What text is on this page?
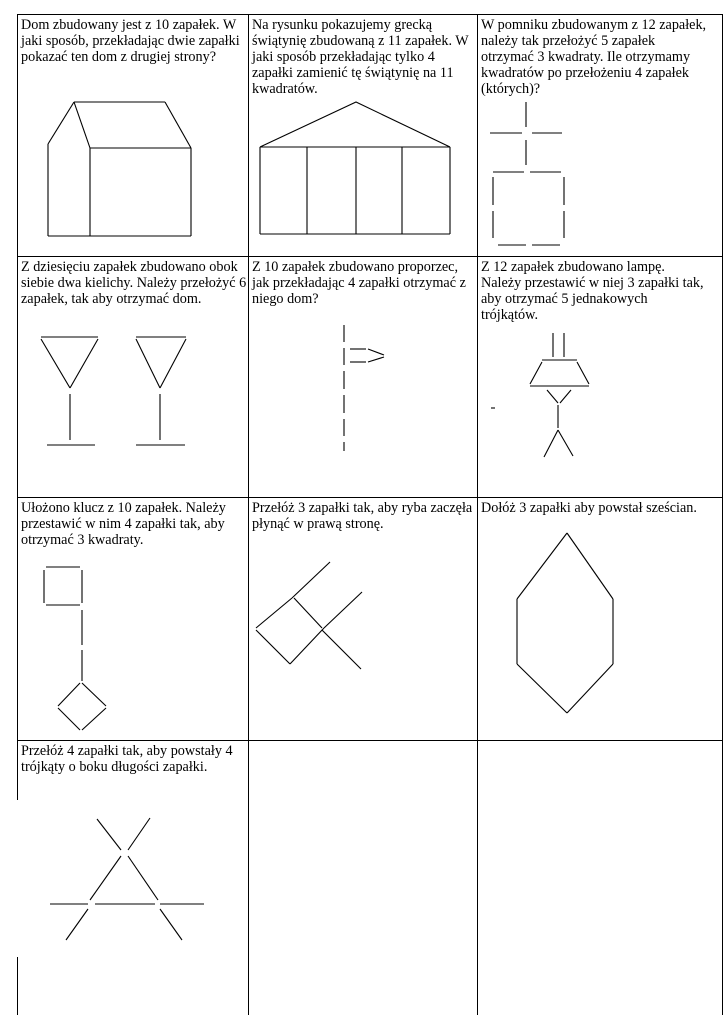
Dom zbudowany jest z 10 zapałek. W jaki sposób, przekładając dwie zapałki pokazać ten dom z drugiej strony?

Na rysunku pokazujemy grecką świątynię zbudowaną z 11 zapałek. W jaki sposób przekładając tylko 4 zapałki zamienić tę świątynię na 11 kwadratów.

W pomniku zbudowanym z 12 zapałek, należy tak przełożyć 5 zapałek otrzymać 3 kwadraty. Ile otrzymamy kwadratów po przełożeniu 4 zapałek (których)?

Z dziesięciu zapałek zbudowano obok siebie dwa kielichy. Należy przełożyć 6 zapałek, tak aby otrzymać dom.

Z 10 zapałek zbudowano proporzec, jak przekładając 4 zapałki otrzymać z niego dom?

Z 12 zapałek zbudowano lampę. Należy przestawić w niej 3 zapałki tak, aby otrzymać 5 jednakowych trójkątów.

Ułożono klucz z 10 zapałek. Należy przestawić w nim 4 zapałki tak, aby otrzymać 3 kwadraty.

Przełóż 3 zapałki tak, aby ryba zaczęła płynąć w prawą stronę.

Dołóż 3 zapałki aby powstał sześcian.

Przełóż 4 zapałki tak, aby powstały 4 trójkąty o boku długości zapałki.
